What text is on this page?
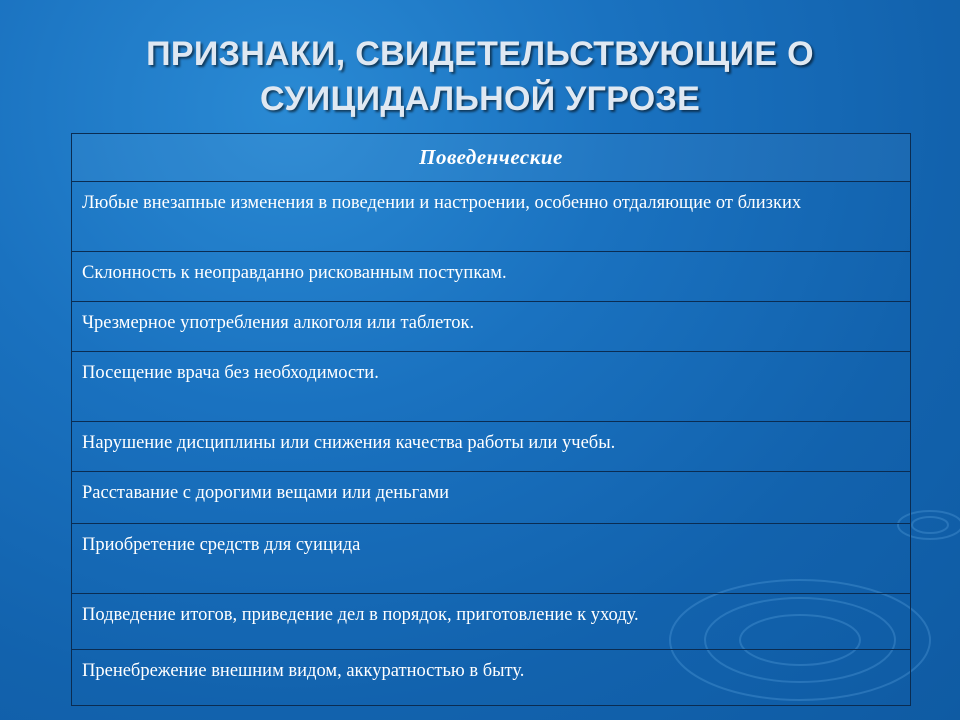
ПРИЗНАКИ, СВИДЕТЕЛЬСТВУЮЩИЕ О
СУИЦИДАЛЬНОЙ УГРОЗЕ
Поведенческие
Любые внезапные изменения в поведении и настроении, особенно отдаляющие от близких
Склонность к неоправданно рискованным поступкам.
Чрезмерное употребления алкоголя или таблеток.
Посещение врача без необходимости.
Нарушение дисциплины или снижения качества работы или учебы.
Расставание с дорогими вещами или деньгами
Приобретение средств для суицида
Подведение итогов, приведение дел в порядок, приготовление к уходу.
Пренебрежение внешним видом, аккуратностью в быту.
